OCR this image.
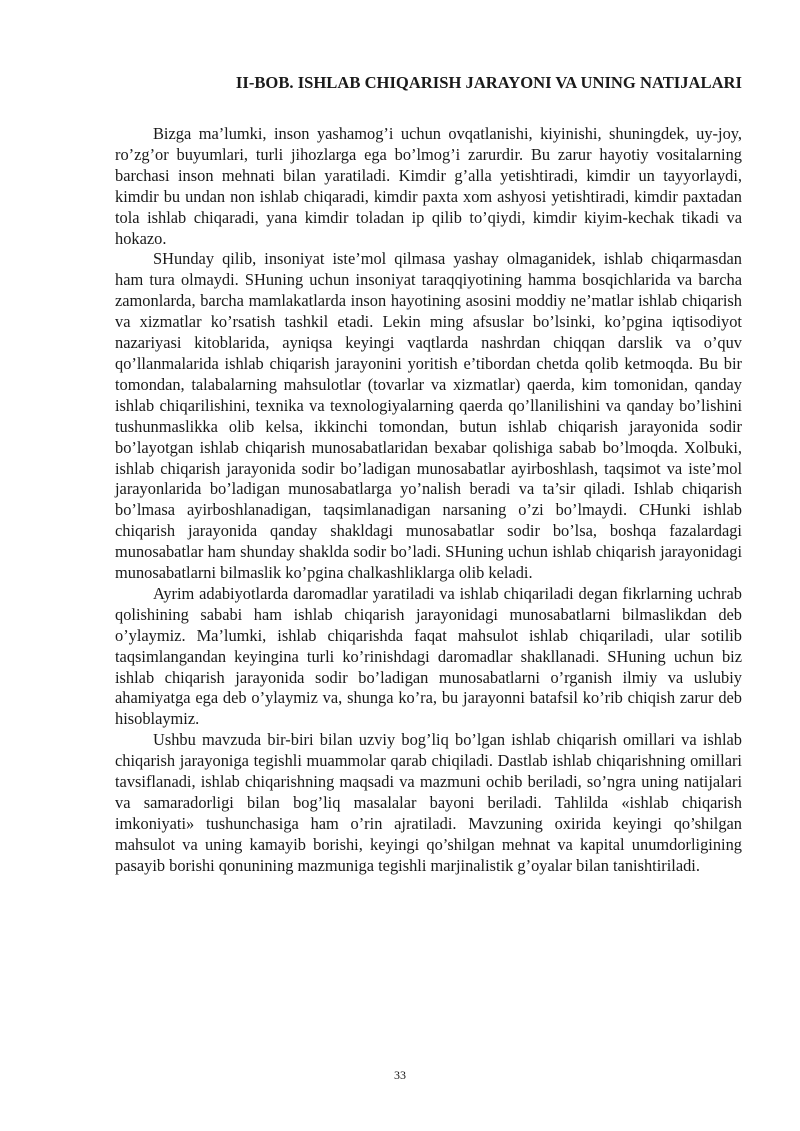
II-BOB. ISHLAB CHIQARISH JARAYONI VA UNING NATIJALARI

Bizga ma’lumki, inson yashamog’i uchun ovqatlanishi, kiyinishi, shuningdek, uy-joy, ro’zg’or buyumlari, turli jihozlarga ega bo’lmog’i zarurdir. Bu zarur hayotiy vositalarning barchasi inson mehnati bilan yaratiladi. Kimdir g’alla yetishtiradi, kimdir un tayyorlaydi, kimdir bu undan non ishlab chiqaradi, kimdir paxta xom ashyosi yetishtiradi, kimdir paxtadan tola ishlab chiqaradi, yana kimdir toladan ip qilib to’qiydi, kimdir kiyim-kechak tikadi va hokazo.

SHunday qilib, insoniyat iste’mol qilmasa yashay olmaganidek, ishlab chiqarmasdan ham tura olmaydi. SHuning uchun insoniyat taraqqiyotining hamma bosqichlarida va barcha zamonlarda, barcha mamlakatlarda inson hayotining asosini moddiy ne’matlar ishlab chiqarish va xizmatlar ko’rsatish tashkil etadi. Lekin ming afsuslar bo’lsinki, ko’pgina iqtisodiyot nazariyasi kitoblarida, ayniqsa keyingi vaqtlarda nashrdan chiqqan darslik va o’quv qo’llanmalarida ishlab chiqarish jarayonini yoritish e’tibordan chetda qolib ketmoqda. Bu bir tomondan, talabalarning mahsulotlar (tovarlar va xizmatlar) qaerda, kim tomonidan, qanday ishlab chiqarilishini, texnika va texnologiyalarning qaerda qo’llanilishini va qanday bo’lishini tushunmaslikka olib kelsa, ikkinchi tomondan, butun ishlab chiqarish jarayonida sodir bo’layotgan ishlab chiqarish munosabatlaridan bexabar qolishiga sabab bo’lmoqda. Xolbuki, ishlab chiqarish jarayonida sodir bo’ladigan munosabatlar ayirboshlash, taqsimot va iste’mol jarayonlarida bo’ladigan munosabatlarga yo’nalish beradi va ta’sir qiladi. Ishlab chiqarish bo’lmasa ayirboshlanadigan, taqsimlanadigan narsaning o’zi bo’lmaydi. CHunki ishlab chiqarish jarayonida qanday shakldagi munosabatlar sodir bo’lsa, boshqa fazalardagi munosabatlar ham shunday shaklda sodir bo’ladi. SHuning uchun ishlab chiqarish jarayonidagi munosabatlarni bilmaslik ko’pgina chalkashliklarga olib keladi.

Ayrim adabiyotlarda daromadlar yaratiladi va ishlab chiqariladi degan fikrlarning uchrab qolishining sababi ham ishlab chiqarish jarayonidagi munosabatlarni bilmaslikdan deb o’ylaymiz. Ma’lumki, ishlab chiqarishda faqat mahsulot ishlab chiqariladi, ular sotilib taqsimlangandan keyingina turli ko’rinishdagi daromadlar shakllanadi. SHuning uchun biz ishlab chiqarish jarayonida sodir bo’ladigan munosabatlarni o’rganish ilmiy va uslubiy ahamiyatga ega deb o’ylaymiz va, shunga ko’ra, bu jarayonni batafsil ko’rib chiqish zarur deb hisoblaymiz.

Ushbu mavzuda bir-biri bilan uzviy bog’liq bo’lgan ishlab chiqarish omillari va ishlab chiqarish jarayoniga tegishli muammolar qarab chiqiladi. Dastlab ishlab chiqarishning omillari tavsiflanadi, ishlab chiqarishning maqsadi va mazmuni ochib beriladi, so’ngra uning natijalari va samaradorligi bilan bog’liq masalalar bayoni beriladi. Tahlilda «ishlab chiqarish imkoniyati» tushunchasiga ham o’rin ajratiladi. Mavzuning oxirida keyingi qo’shilgan mahsulot va uning kamayib borishi, keyingi qo’shilgan mehnat va kapital unumdorligining pasayib borishi qonunining mazmuniga tegishli marjinalistik g’oyalar bilan tanishtiriladi.

33
